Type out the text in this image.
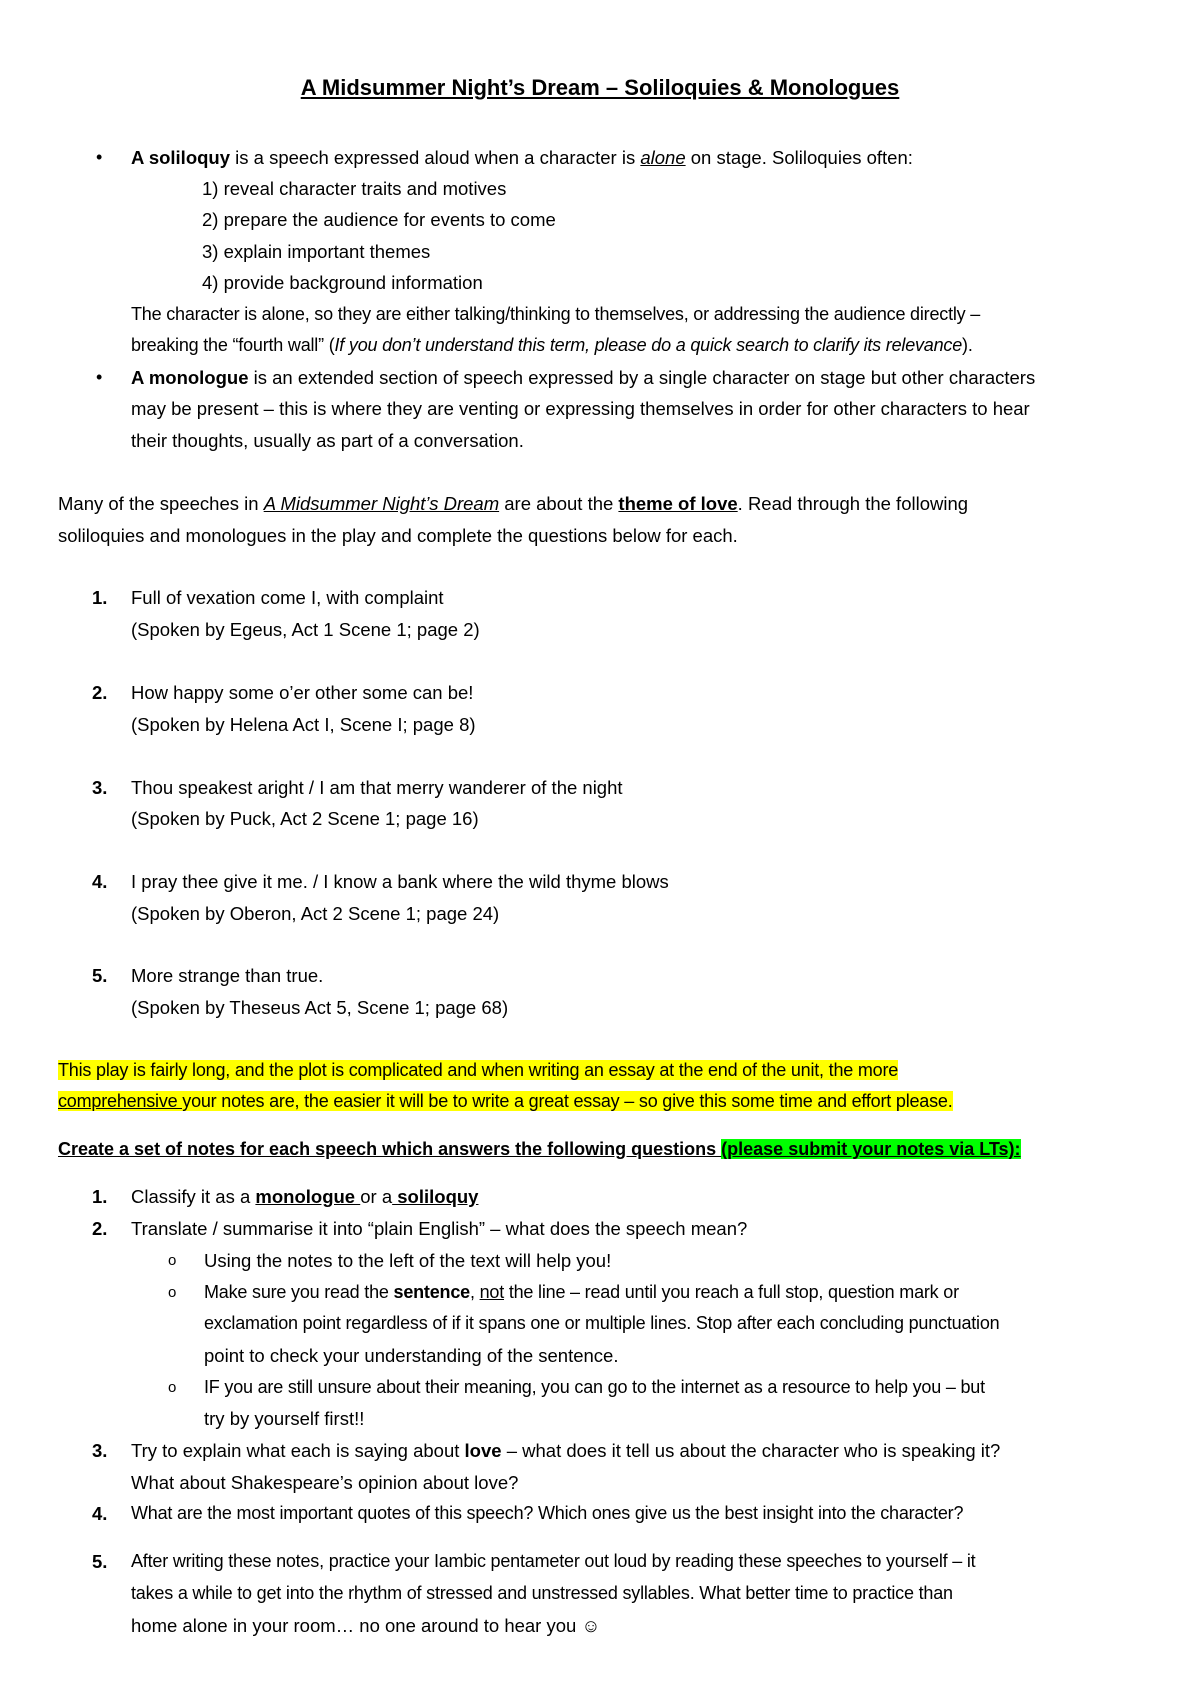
A Midsummer Night’s Dream – Soliloquies & Monologues
• A soliloquy is a speech expressed aloud when a character is alone on stage. Soliloquies often:

1) reveal character traits and motives

2) prepare the audience for events to come

3) explain important themes

4) provide background information

The character is alone, so they are either talking/thinking to themselves, or addressing the audience directly –

breaking the “fourth wall” (If you don’t understand this term, please do a quick search to clarify its relevance).

• A monologue is an extended section of speech expressed by a single character on stage but other characters

may be present – this is where they are venting or expressing themselves in order for other characters to hear

their thoughts, usually as part of a conversation.

Many of the speeches in A Midsummer Night’s Dream are about the theme of love. Read through the following

soliloquies and monologues in the play and complete the questions below for each.

1. Full of vexation come I, with complaint

(Spoken by Egeus, Act 1 Scene 1; page 2)

2. How happy some o’er other some can be!

(Spoken by Helena Act I, Scene I; page 8)

3. Thou speakest aright / I am that merry wanderer of the night

(Spoken by Puck, Act 2 Scene 1; page 16)

4. I pray thee give it me. / I know a bank where the wild thyme blows

(Spoken by Oberon, Act 2 Scene 1; page 24)

5. More strange than true.

(Spoken by Theseus Act 5, Scene 1; page 68)

This play is fairly long, and the plot is complicated and when writing an essay at the end of the unit, the more

comprehensive your notes are, the easier it will be to write a great essay – so give this some time and effort please.

Create a set of notes for each speech which answers the following questions (please submit your notes via LTs):

1. Classify it as a monologue or a soliloquy

2. Translate / summarise it into “plain English” – what does the speech mean?

o Using the notes to the left of the text will help you!

o Make sure you read the sentence, not the line – read until you reach a full stop, question mark or

exclamation point regardless of if it spans one or multiple lines. Stop after each concluding punctuation

point to check your understanding of the sentence.

o IF you are still unsure about their meaning, you can go to the internet as a resource to help you – but

try by yourself first!!

3. Try to explain what each is saying about love – what does it tell us about the character who is speaking it?

What about Shakespeare’s opinion about love?

4. What are the most important quotes of this speech? Which ones give us the best insight into the character?

5. After writing these notes, practice your Iambic pentameter out loud by reading these speeches to yourself – it

takes a while to get into the rhythm of stressed and unstressed syllables. What better time to practice than

home alone in your room… no one around to hear you ☺
